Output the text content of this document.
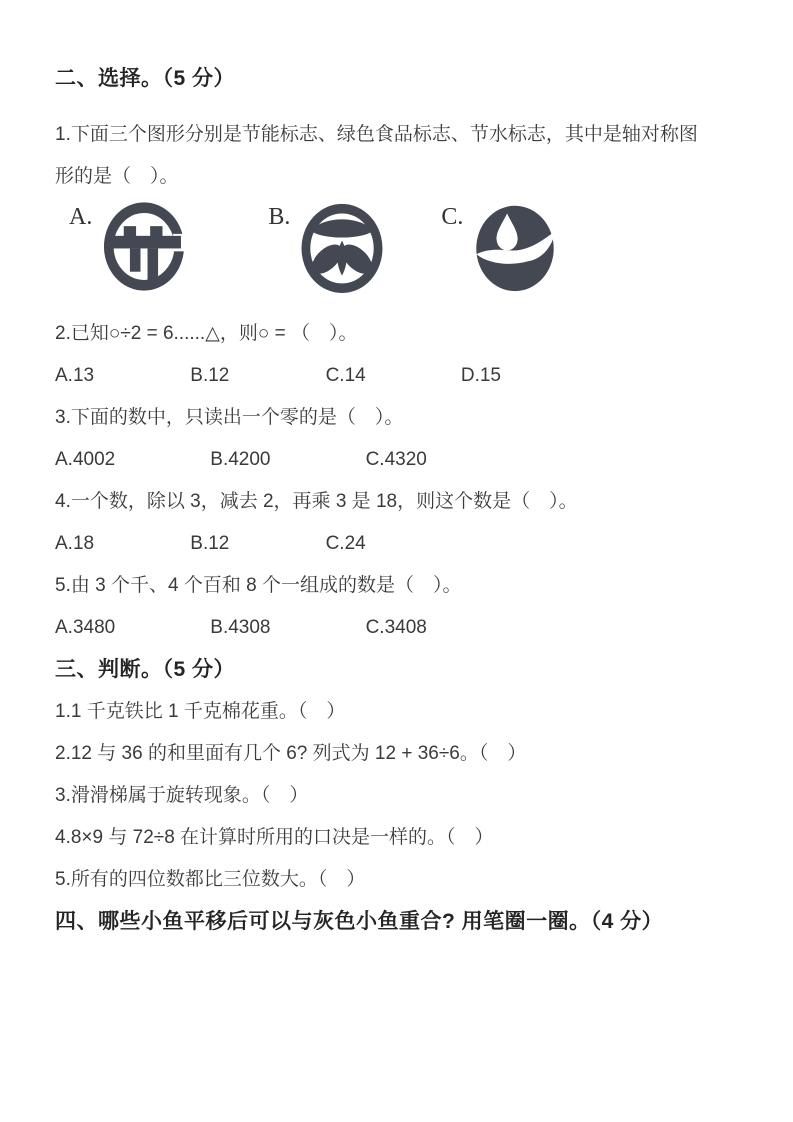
二、选择。（5 分）

1.下面三个图形分别是节能标志、绿色食品标志、节水标志，其中是轴对称图

形的是（　）。

A.	B.	C.

2.已知○÷2 = 6......△，则○ = （　）。

A.13	B.12	C.14	D.15

3.下面的数中，只读出一个零的是（　）。

A.4002	B.4200	C.4320

4.一个数，除以 3，减去 2，再乘 3 是 18，则这个数是（　）。

A.18	B.12	C.24

5.由 3 个千、4 个百和 8 个一组成的数是（　）。

A.3480	B.4308	C.3408

三、判断。（5 分）

1.1 千克铁比 1 千克棉花重。（　）

2.12 与 36 的和里面有几个 6? 列式为 12 + 36÷6。（　）

3.滑滑梯属于旋转现象。（　）

4.8×9 与 72÷8 在计算时所用的口决是一样的。（　）

5.所有的四位数都比三位数大。（　）

四、哪些小鱼平移后可以与灰色小鱼重合? 用笔圈一圈。（4 分）
